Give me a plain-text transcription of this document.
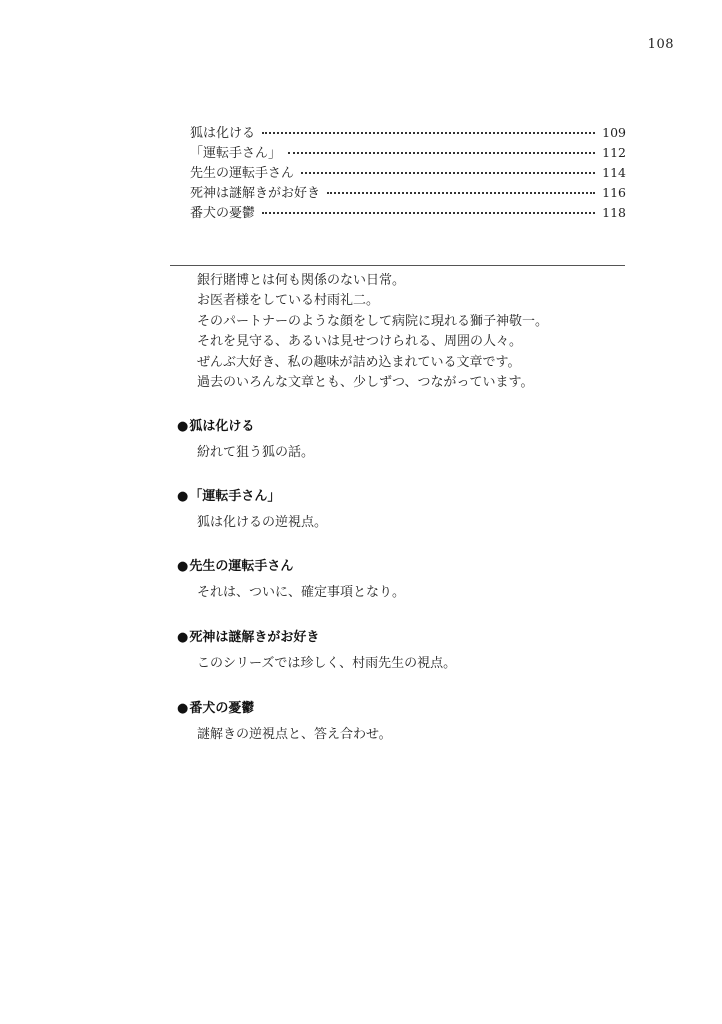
108
狐は化ける	109
「運転手さん」	112
先生の運転手さん	114
死神は謎解きがお好き	116
番犬の憂鬱	118

銀行賭博とは何も関係のない日常。

お医者様をしている村雨礼二。

そのパートナーのような顔をして病院に現れる獅子神敬一。

それを見守る、あるいは見せつけられる、周囲の人々。

ぜんぶ大好き、私の趣味が詰め込まれている文章です。

過去のいろんな文章とも、少しずつ、つながっています。

●狐は化ける

紛れて狙う狐の話。

●「運転手さん」

狐は化けるの逆視点。

●先生の運転手さん

それは、ついに、確定事項となり。

●死神は謎解きがお好き

このシリーズでは珍しく、村雨先生の視点。

●番犬の憂鬱

謎解きの逆視点と、答え合わせ。
